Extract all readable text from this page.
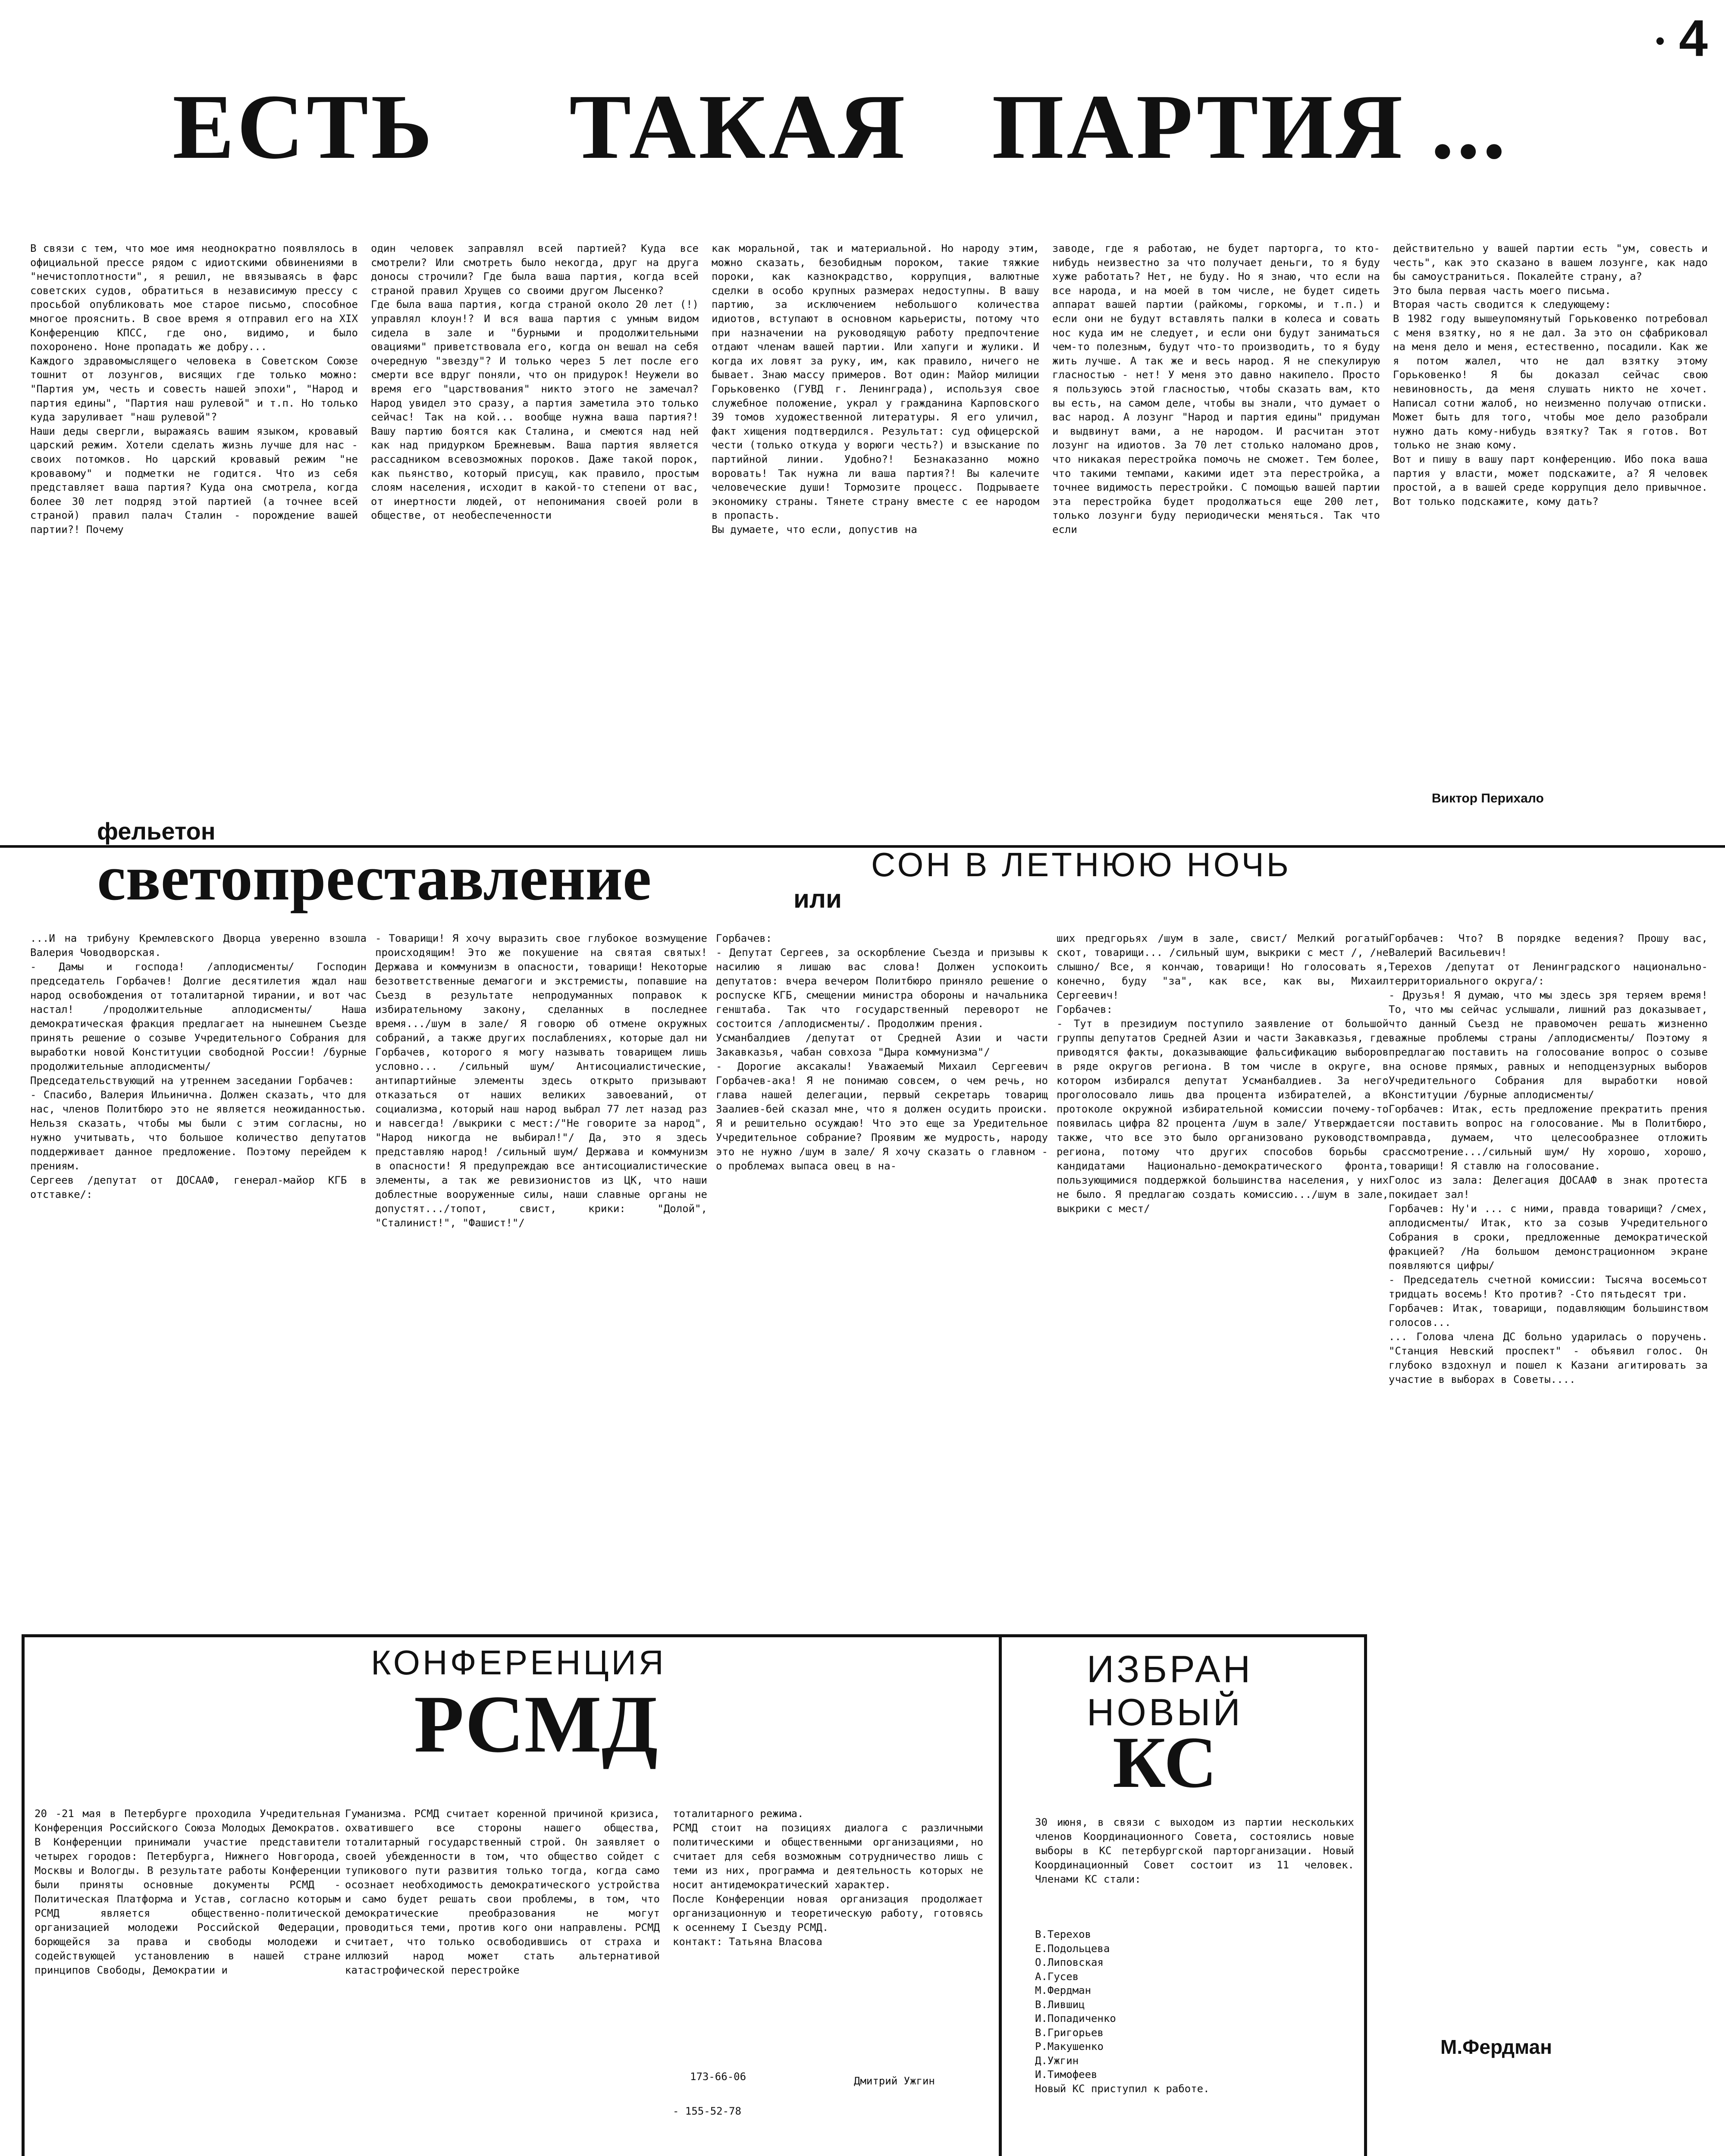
4
•
ЕСТЬ ТАКАЯ ПАРТИЯ ...
В связи с тем, что мое имя неоднократно появлялось в официальной прессе рядом с идиотскими обвинениями в "нечистоплотности", я решил, не ввязываясь в фарс советских судов, обратиться в независимую прессу с просьбой опубликовать мое старое письмо, способное многое прояснить. В свое время я отправил его на XIX Конференцию КПСС, где оно, видимо, и было похоронено. Ноне пропадать же добру...
Каждого здравомыслящего человека в Советском Союзе тошнит от лозунгов, висящих где только можно: "Партия ум, честь и совесть нашей эпохи", "Народ и партия едины", "Партия наш рулевой" и т.п. Но только куда заруливает "наш рулевой"?
Наши деды свергли, выражаясь вашим языком, кровавый царский режим. Хотели сделать жизнь лучше для нас - своих потомков. Но царский кровавый режим "не кровавому" и подметки не годится. Что из себя представляет ваша партия? Куда она смотрела, когда более 30 лет подряд этой партией (а точнее всей страной) правил палач Сталин - порождение вашей партии?! Почему
один человек заправлял всей партией? Куда все смотрели? Или смотреть было некогда, друг на друга доносы строчили? Где была ваша партия, когда всей страной правил Хрущев со своими другом Лысенко?
Где была ваша партия, когда страной около 20 лет (!) управлял клоун!? И вся ваша партия с умным видом сидела в зале и "бурными и продолжительными овациями" приветствовала его, когда он вешал на себя очередную "звезду"? И только через 5 лет после его смерти все вдруг поняли, что он придурок! Неужели во время его "царствования" никто этого не замечал? Народ увидел это сразу, а партия заметила это только сейчас! Так на кой... вообще нужна ваша партия?! Вашу партию боятся как Сталина, и смеются над ней как над придурком Брежневым. Ваша партия является рассадником всевозможных пороков. Даже такой порок, как пьянство, который присущ, как правило, простым слоям населения, исходит в какой-то степени от вас, от инертности людей, от непонимания своей роли в обществе, от необеспеченности
как моральной, так и материальной. Но народу этим, можно сказать, безобидным пороком, такие тяжкие пороки, как казнокрадство, коррупция, валютные сделки в особо крупных размерах недоступны. В вашу партию, за исключением небольшого количества идиотов, вступают в основном карьеристы, потому что при назначении на руководящую работу предпочтение отдают членам вашей партии. Или хапуги и жулики. И когда их ловят за руку, им, как правило, ничего не бывает. Знаю массу примеров. Вот один: Майор милиции Горьковенко (ГУВД г. Ленинграда), используя свое служебное положение, украл у гражданина Карповского 39 томов художественной литературы. Я его уличил, факт хищения подтвердился. Результат: суд офицерской чести (только откуда у ворюги честь?) и взыскание по партийной линии. Удобно?! Безнаказанно можно воровать! Так нужна ли ваша партия?! Вы калечите человеческие души! Тормозите процесс. Подрываете экономику страны. Тянете страну вместе с ее народом в пропасть.
Вы думаете, что если, допустив на
заводе, где я работаю, не будет парторга, то кто-нибудь неизвестно за что получает деньги, то я буду хуже работать? Нет, не буду. Но я знаю, что если на все народа, и на моей в том числе, не будет сидеть аппарат вашей партии (райкомы, горкомы, и т.п.) и если они не будут вставлять палки в колеса и совать нос куда им не следует, и если они будут заниматься чем-то полезным, будут что-то производить, то я буду жить лучше. А так же и весь народ. Я не спекулирую гласностью - нет! У меня это давно накипело. Просто я пользуюсь этой гласностью, чтобы сказать вам, кто вы есть, на самом деле, чтобы вы знали, что думает о вас народ. А лозунг "Народ и партия едины" придуман и выдвинут вами, а не народом. И расчитан этот лозунг на идиотов. За 70 лет столько наломано дров, что никакая перестройка помочь не сможет. Тем более, что такими темпами, какими идет эта перестройка, а точнее видимость перестройки. С помощью вашей партии эта перестройка будет продолжаться еще 200 лет, только лозунги буду периодически меняться. Так что если
действительно у вашей партии есть "ум, совесть и честь", как это сказано в вашем лозунге, как надо бы самоустраниться. Покалейте страну, а?
Это была первая часть моего письма.
Вторая часть сводится к следующему:
В 1982 году вышеупомянутый Горьковенко потребовал с меня взятку, но я не дал. За это он сфабриковал на меня дело и меня, естественно, посадили. Как же я потом жалел, что не дал взятку этому Горьковенко! Я бы доказал сейчас свою невиновность, да меня слушать никто не хочет. Написал сотни жалоб, но неизменно получаю отписки. Может быть для того, чтобы мое дело разобрали нужно дать кому-нибудь взятку? Так я готов. Вот только не знаю кому.
Вот и пишу в вашу парт конференцию. Ибо пока ваша партия у власти, может подскажите, а? Я человек простой, а в вашей среде коррупция дело привычное. Вот только подскажите, кому дать?
Виктор Перихало
фельетон
светопреставление	или
СОН В ЛЕТНЮЮ НОЧЬ
...И на трибуну Кремлевского Дворца уверенно взошла Валерия Човодворская.
- Дамы и господа! /аплодисменты/ Господин председатель Горбачев! Долгие десятилетия ждал наш народ освобождения от тоталитарной тирании, и вот час настал! /продолжительные аплодисменты/ Наша демократическая фракция предлагает на нынешнем Съезде принять решение о созыве Учредительного Собрания для выработки новой Конституции свободной России! /бурные продолжительные аплодисменты/
Председательствующий на утреннем заседании Горбачев:
- Спасибо, Валерия Ильинична. Должен сказать, что для нас, членов Политбюро это не является неожиданностью. Нельзя сказать, чтобы мы были с этим согласны, но нужно учитывать, что большое количество депутатов поддерживает данное предложение. Поэтому перейдем к прениям.
Сергеев /депутат от ДОСААФ, генерал-майор КГБ в отставке/:
- Товарищи! Я хочу выразить свое глубокое возмущение происходящим! Это же покушение на святая святых! Держава и коммунизм в опасности, товарищи! Некоторые безответственные демагоги и экстремисты, попавшие на Съезд в результате непродуманных поправок к избирательному закону, сделанных в последнее время.../шум в зале/ Я говорю об отмене окружных собраний, а также других послаблениях, которые дал ни Горбачев, которого я могу называть товарищем лишь условно... /сильный шум/ Антисоциалистические, антипартийные элементы здесь открыто призывают отказаться от наших великих завоеваний, от социализма, который наш народ выбрал 77 лет назад раз и навсегда! /выкрики с мест:/"Не говорите за народ", "Народ никогда не выбирал!"/ Да, это я здесь представляю народ! /сильный шум/ Держава и коммунизм в опасности! Я предупреждаю все антисоциалистические элементы, а так же ревизионистов из ЦК, что наши доблестные вооруженные силы, наши славные органы не допустят.../топот, свист, крики: "Долой", "Сталинист!", "Фашист!"/
Горбачев:
- Депутат Сергеев, за оскорбление Съезда и призывы к насилию я лишаю вас слова! Должен успокоить депутатов: вчера вечером Политбюро приняло решение о роспуске КГБ, смещении министра обороны и начальника генштаба. Так что государственный переворот не состоится /аплодисменты/. Продолжим прения.
Усманбалдиев /депутат от Средней Азии и части Закавказья, чабан совхоза "Дыра коммунизма"/
- Дорогие аксакалы! Уважаемый Михаил Сергеевич Горбачев-ака! Я не понимаю совсем, о чем речь, но глава нашей делегации, первый секретарь товарищ Заалиев-бей сказал мне, что я должен осудить происки. Я и решительно осуждаю! Что это еще за Уредительное Учредительное собрание? Проявим же мудрость, народу это не нужно /шум в зале/ Я хочу сказать о главном - о проблемах выпаса овец в на-
ших предгорьях /шум в зале, свист/ Мелкий рогатый скот, товарищи... /сильный шум, выкрики с мест /, /не слышно/ Все, я кончаю, товарищи! Но голосовать я, конечно, буду "за", как все, как вы, Михаил Сергеевич!
Горбачев:
- Тут в президиум поступило заявление от большой группы депутатов Средней Азии и части Закавказья, где приводятся факты, доказывающие фальсификацию выборов в ряде округов региона. В том числе в округе, в котором избирался депутат Усманбалдиев. За него проголосовало лишь два процента избирателей, а в протоколе окружной избирательной комиссии почему-то появилась цифра 82 процента /шум в зале/ Утверждается также, что все это было организовано руководством региона, потому что других способов борьбы с кандидатами Национально-демократического фронта, пользующимися поддержкой большинства населения, у них не было. Я предлагаю создать комиссию.../шум в зале, выкрики с мест/
Горбачев: Что? В порядке ведения? Прошу вас, Валерий Васильевич!
Терехов /депутат от Ленинградского национально-территориального округа/:
- Друзья! Я думаю, что мы здесь зря теряем время! То, что мы сейчас услышали, лишний раз доказывает, что данный Съезд не правомочен решать жизненно важные проблемы страны /аплодисменты/ Поэтому я предлагаю поставить на голосование вопрос о созыве на основе прямых, равных и неподцензурных выборов Учредительного Собрания для выработки новой Конституции /бурные аплодисменты/
Горбачев: Итак, есть предложение прекратить прения и поставить вопрос на голосование. Мы в Политбюро, правда, думаем, что целесообразнее отложить рассмотрение.../сильный шум/ Ну хорошо, хорошо, товарищи! Я ставлю на голосование.
Голос из зала: Делегация ДОСААФ в знак протеста покидает зал!
Горбачев: Ну'и ... с ними, правда товарищи? /смех, аплодисменты/ Итак, кто за созыв Учредительного Собрания в сроки, предложенные демократической фракцией? /На большом демонстрационном экране появляются цифры/
- Председатель счетной комиссии: Тысяча восемьсот тридцать восемь! Кто против? -Сто пятьдесят три.
Горбачев: Итак, товарищи, подавляющим большинством голосов...
... Голова члена ДС больно ударилась о поручень. "Станция Невский проспект" - объявил голос. Он глубоко вздохнул и пошел к Казани агитировать за участие в выборах в Советы....
М.Фердман
КОНФЕРЕНЦИЯ
РСМД
20 -21 мая в Петербурге проходила Учредительная Конференция Российского Союза Молодых Демократов. В Конференции принимали участие представители четырех городов: Петербурга, Нижнего Новгорода, Москвы и Вологды. В результате работы Конференции были приняты основные документы РСМД - Политическая Платформа и Устав, согласно которым РСМД является общественно-политической организацией молодежи Российской Федерации, борющейся за права и свободы молодежи и содействующей установлению в нашей стране принципов Свободы, Демократии и
Гуманизма. РСМД считает коренной причиной кризиса, охватившего все стороны нашего общества, тоталитарный государственный строй. Он заявляет о своей убежденности в том, что общество сойдет с тупикового пути развития только тогда, когда само осознает необходимость демократического устройства и само будет решать свои проблемы, в том, что демократические преобразования не могут проводиться теми, против кого они направлены. РСМД считает, что только освободившись от страха и иллюзий народ может стать альтернативой катастрофической перестройке
тоталитарного режима.
РСМД стоит на позициях диалога с различными политическими и общественными организациями, но считает для себя возможным сотрудничество лишь с теми из них, программа и деятельность которых не носит антидемократический характер.
После Конференции новая организация продолжает организационную и теоретическую работу, готовясь к осеннему I Съезду РСМД.
контакт: Татьяна Власова
173-66-06	Дмитрий Ужгин
- 155-52-78
ИЗБРАН
НОВЫЙ
КС
30 июня, в связи с выходом из партии нескольких членов Координационного Совета, состоялись новые выборы в КС петербургской парторганизации. Новый Координационный Совет состоит из 11 человек. Членами КС стали:
В.Терехов
Е.Подольцева
О.Липовская
А.Гусев
М.Фердман
В.Лившиц
И.Попадиченко
В.Григорьев
Р.Макушенко
Д.Ужгин
И.Тимофеев
Новый КС приступил к работе.
